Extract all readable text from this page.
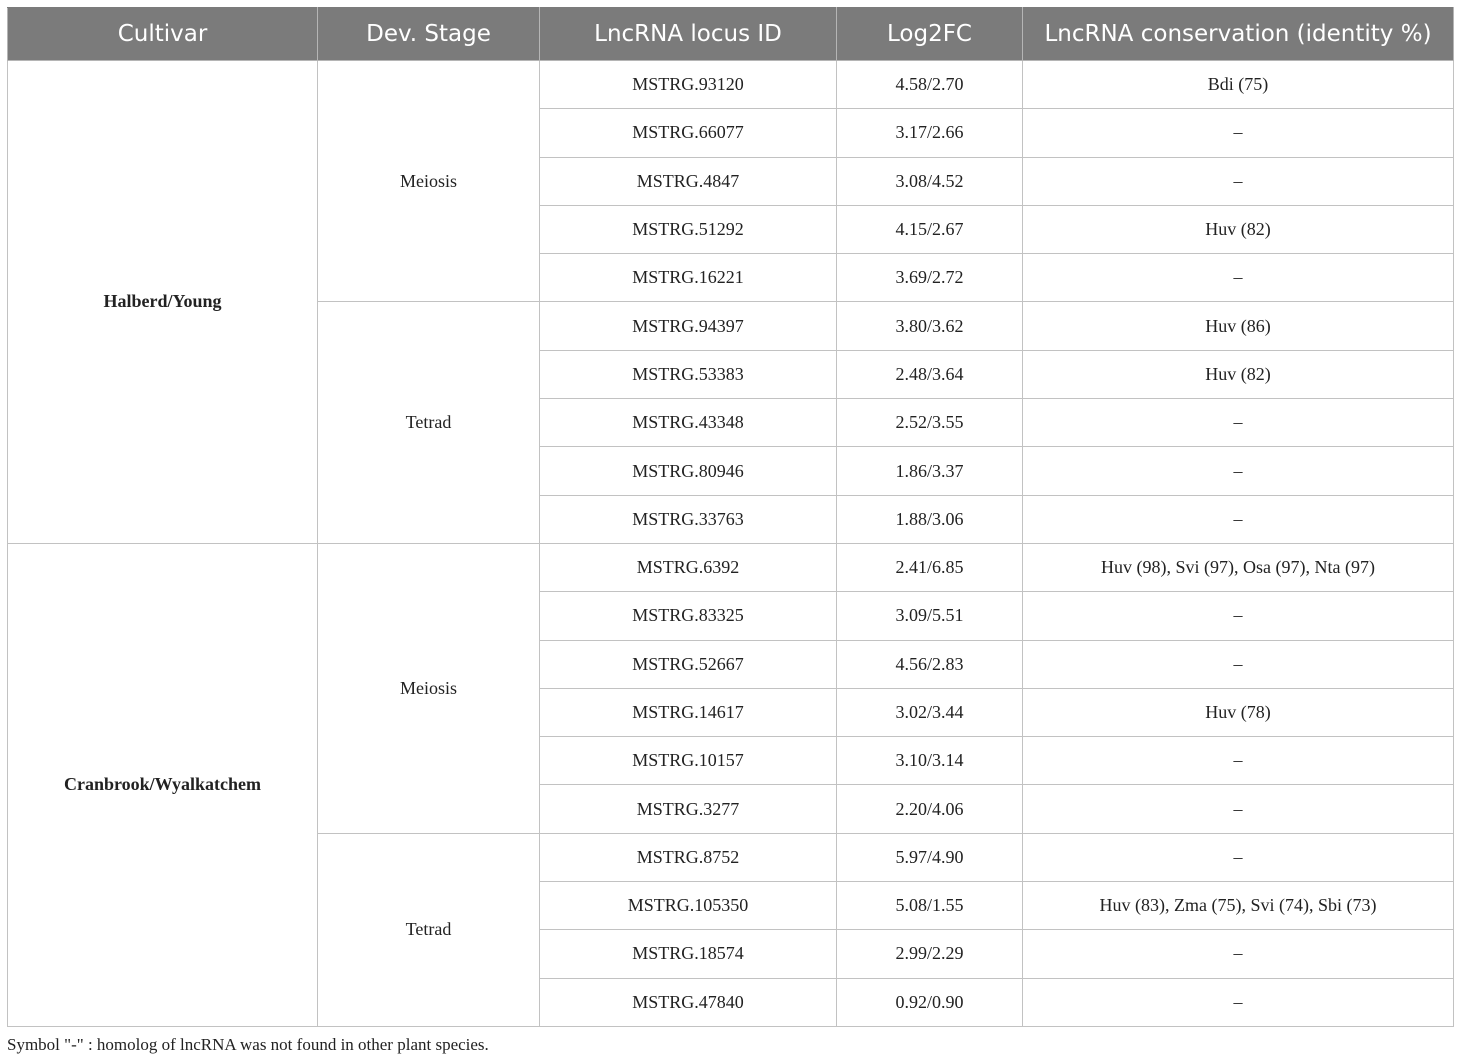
Cultivar	Dev. Stage	LncRNA locus ID	Log2FC	LncRNA conservation (identity %)
Halberd/Young	Meiosis	MSTRG.93120	4.58/2.70	Bdi (75)
		MSTRG.66077	3.17/2.66	–
		MSTRG.4847	3.08/4.52	–
		MSTRG.51292	4.15/2.67	Huv (82)
		MSTRG.16221	3.69/2.72	–
	Tetrad	MSTRG.94397	3.80/3.62	Huv (86)
		MSTRG.53383	2.48/3.64	Huv (82)
		MSTRG.43348	2.52/3.55	–
		MSTRG.80946	1.86/3.37	–
		MSTRG.33763	1.88/3.06	–
Cranbrook/Wyalkatchem	Meiosis	MSTRG.6392	2.41/6.85	Huv (98), Svi (97), Osa (97), Nta (97)
		MSTRG.83325	3.09/5.51	–
		MSTRG.52667	4.56/2.83	–
		MSTRG.14617	3.02/3.44	Huv (78)
		MSTRG.10157	3.10/3.14	–
		MSTRG.3277	2.20/4.06	–
	Tetrad	MSTRG.8752	5.97/4.90	–
		MSTRG.105350	5.08/1.55	Huv (83), Zma (75), Svi (74), Sbi (73)
		MSTRG.18574	2.99/2.29	–
		MSTRG.47840	0.92/0.90	–
Symbol "-" : homolog of lncRNA was not found in other plant species.
